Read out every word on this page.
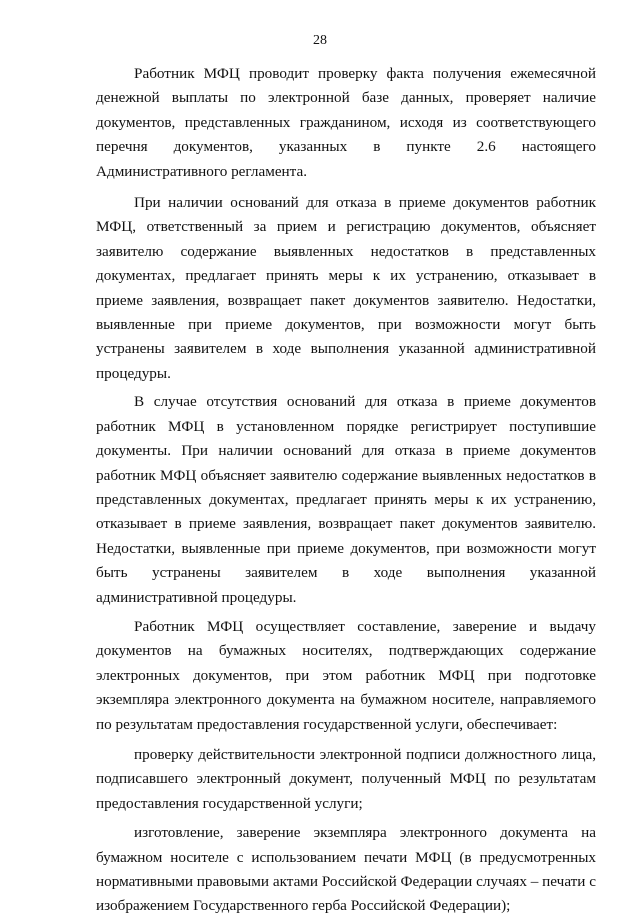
28

Работник МФЦ проводит проверку факта получения ежемесячной денежной выплаты по электронной базе данных, проверяет наличие документов, представленных гражданином, исходя из соответствующего перечня документов, указанных в пункте 2.6 настоящего Административного регламента.

При наличии оснований для отказа в приеме документов работник МФЦ, ответственный за прием и регистрацию документов, объясняет заявителю содержание выявленных недостатков в представленных документах, предлагает принять меры к их устранению, отказывает в приеме заявления, возвращает пакет документов заявителю. Недостатки, выявленные при приеме документов, при возможности могут быть устранены заявителем в ходе выполнения указанной административной процедуры.

В случае отсутствия оснований для отказа в приеме документов работник МФЦ в установленном порядке регистрирует поступившие документы. При наличии оснований для отказа в приеме документов работник МФЦ объясняет заявителю содержание выявленных недостатков в представленных документах, предлагает принять меры к их устранению, отказывает в приеме заявления, возвращает пакет документов заявителю. Недостатки, выявленные при приеме документов, при возможности могут быть устранены заявителем в ходе выполнения указанной административной процедуры.

Работник МФЦ осуществляет составление, заверение и выдачу документов на бумажных носителях, подтверждающих содержание электронных документов, при этом работник МФЦ при подготовке экземпляра электронного документа на бумажном носителе, направляемого по результатам предоставления государственной услуги, обеспечивает:

проверку действительности электронной подписи должностного лица, подписавшего электронный документ, полученный МФЦ по результатам предоставления государственной услуги;

изготовление, заверение экземпляра электронного документа на бумажном носителе с использованием печати МФЦ (в предусмотренных нормативными правовыми актами Российской Федерации случаях – печати с изображением Государственного герба Российской Федерации);
